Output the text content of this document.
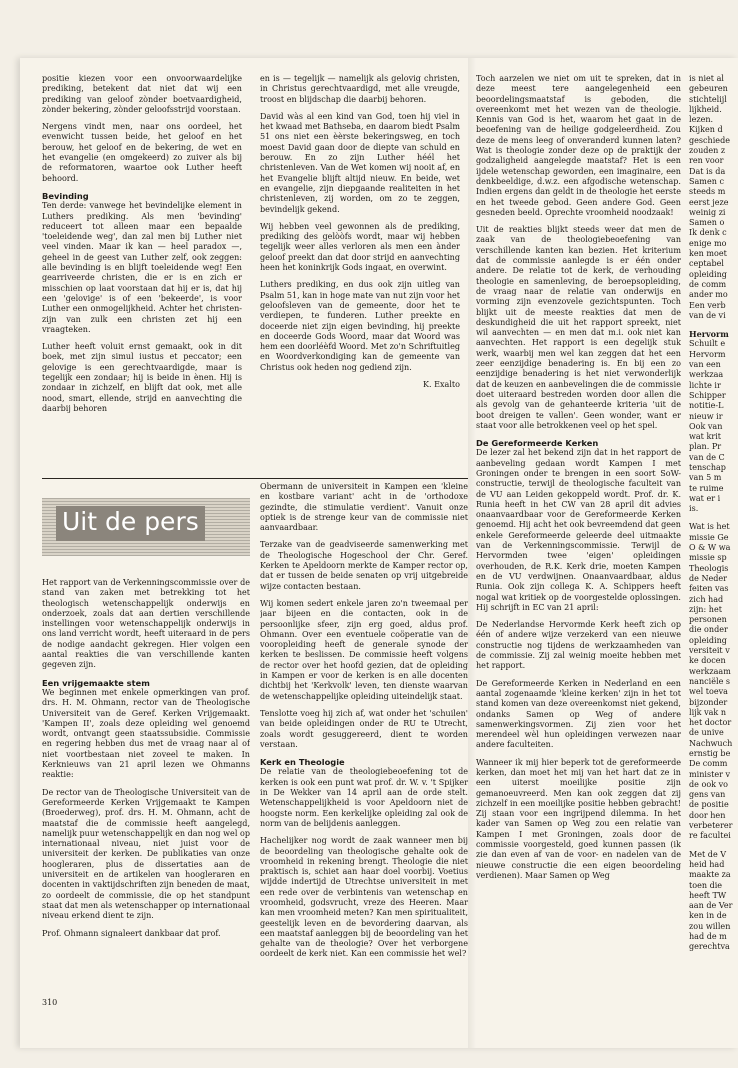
positie kiezen voor een onvoorwaardelijke prediking, betekent dat niet dat wij een prediking van geloof zònder boetvaardigheid, zònder bekering, zònder geloofsstrijd voorstaan.

Nergens vindt men, naar ons oordeel, het evenwicht tussen beide, het geloof en het berouw, het geloof en de bekering, de wet en het evangelie (en omgekeerd) zo zuiver als bij de reformatoren, waartoe ook Luther heeft behoord.

Bevinding

Ten derde: vanwege het bevindelijke element in Luthers prediking. Als men 'bevinding' reduceert tot alleen maar een bepaalde 'toeleidende weg', dan zal men bij Luther niet veel vinden. Maar ik kan — heel paradox —, geheel in de geest van Luther zelf, ook zeggen: alle bevinding is en blijft toeleidende weg! Een gearriveerde christen, die er is en zich er misschien op laat voorstaan dat hij er is, dat hij een 'gelovige' is of een 'bekeerde', is voor Luther een onmogelijkheid. Achter het christen-zijn van zulk een christen zet hij een vraagteken.

Luther heeft voluit ernst gemaakt, ook in dit boek, met zijn simul iustus et peccator; een gelovige is een gerechtvaardigde, maar is tegelijk een zondaar; hij is beide in ènen. Hij is zondaar in zichzelf, en blijft dat ook, met alle nood, smart, ellende, strijd en aanvechting die daarbij behoren

en is — tegelijk — namelijk als gelovig christen, in Christus gerechtvaardigd, met alle vreugde, troost en blijdschap die daarbij behoren.

David wàs al een kind van God, toen hij viel in het kwaad met Bathseba, en daarom biedt Psalm 51 ons niet een èèrste bekeringsweg, en toch moest David gaan door de diepte van schuld en berouw. En zo zijn Luther héél het christenleven. Van de Wet komen wij nooit af, en het Evangelie blijft altijd nieuw. En beide, wet en evangelie, zijn diepgaande realiteiten in het christenleven, zij worden, om zo te zeggen, bevindelijk gekend.

Wij hebben veel gewonnen als de prediking, prediking des gelòòfs wordt, maar wij hebben tegelijk weer alles verloren als men een ànder geloof preekt dan dat door strijd en aanvechting heen het koninkrijk Gods ingaat, en overwint.

Luthers prediking, en dus ook zijn uitleg van Psalm 51, kan in hoge mate van nut zijn voor het geloofsleven van de gemeente, door het te verdiepen, te funderen. Luther preekte en doceerde niet zijn eigen bevinding, hij preekte en doceerde Gods Woord, maar dat Woord was hem een doorléèfd Woord. Met zo'n Schriftuitleg en Woordverkondiging kan de gemeente van Christus ook heden nog gediend zijn.

K. Exalto

Toch aarzelen we niet om uit te spreken, dat in deze meest tere aangelegenheid een beoordelingsmaatstaf is geboden, die overeenkomt met het wezen van de theologie. Kennis van God is het, waarom het gaat in de beoefening van de heilige godgeleerdheid. Zou deze de mens leeg of onveranderd kunnen laten? Wat is theologie zonder deze op de praktijk der godzaligheid aangelegde maatstaf? Het is een ijdele wetenschap geworden, een imaginaire, een denkbeeldige, d.w.z. een afgodische wetenschap. Indien ergens dan geldt in de theologie het eerste en het tweede gebod. Geen andere God. Geen gesneden beeld. Oprechte vroomheid noodzaak!

Uit de reakties blijkt steeds weer dat men de zaak van de theologiebeoefening van verschillende kanten kan bezien. Het kriterium dat de commissie aanlegde is er één onder andere. De relatie tot de kerk, de verhouding theologie en samenleving, de beroepsopleiding, de vraag naar de relatie van onderwijs en vorming zijn evenzovele gezichtspunten. Toch blijkt uit de meeste reakties dat men de deskundigheid die uit het rapport spreekt, niet wil aanvechten — en men dat m.i. ook niet kan aanvechten. Het rapport is een degelijk stuk werk, waarbij men wel kan zeggen dat het een zeer eenzijdige benadering is. En bij een zo eenzijdige benadering is het niet verwonderlijk dat de keuzen en aanbevelingen die de commissie doet uiteraard bestreden worden door allen die als gevolg van de gehanteerde kriteria 'uit de boot dreigen te vallen'. Geen wonder, want er staat voor alle betrokkenen veel op het spel.

De Gereformeerde Kerken

De lezer zal het bekend zijn dat in het rapport de aanbeveling gedaan wordt Kampen I met Groningen onder te brengen in een soort SoW-constructie, terwijl de theologische faculteit van de VU aan Leiden gekoppeld wordt. Prof. dr. K. Runia heeft in het CW van 28 april dit advies onaanvaardbaar voor de Gereformeerde Kerken genoemd. Hij acht het ook bevreemdend dat geen enkele Gereformeerde geleerde deel uitmaakte van de Verkenningscommissie. Terwijl de Hervormden twee 'eigen' opleidingen overhouden, de R.K. Kerk drie, moeten Kampen en de VU verdwijnen. Onaanvaardbaar, aldus Runia. Ook zijn collega K. A. Schippers heeft nogal wat kritiek op de voorgestelde oplossingen. Hij schrijft in EC van 21 april:

De Nederlandse Hervormde Kerk heeft zich op één of andere wijze verzekerd van een nieuwe constructie nog tijdens de werkzaamheden van de commissie. Zij zal weinig moeite hebben met het rapport.

De Gereformeerde Kerken in Nederland en een aantal zogenaamde 'kleine kerken' zijn in het tot stand komen van deze overeenkomst niet gekend, ondanks Samen op Weg of andere samenwerkingsvormen. Zij zien voor het merendeel wèl hun opleidingen verwezen naar andere faculteiten.

Wanneer ik mij hier beperk tot de gereformeerde kerken, dan moet het mij van het hart dat ze in een uiterst moeilijke positie zijn gemanoeuvreerd. Men kan ook zeggen dat zij zichzelf in een moeilijke positie hebben gebracht! Zij staan voor een ingrijpend dilemma. In het kader van Samen op Weg zou een relatie van Kampen I met Groningen, zoals door de commissie voorgesteld, goed kunnen passen (ik zie dan even af van de voor- en nadelen van de nieuwe constructie die een eigen beoordeling verdienen). Maar Samen op Weg

is niet al
gebeuren
stichtelijl
lijkheid.
lezen.
Kijken d
geschiede
zouden z
ren voor
Dat is da
Samen c
steeds m
eerst jeze
weinig zi
Samen o
Ik denk c
enige mo
ken moet
ceptabel
opleiding
de comm
ander mo
Een verb
van de vi
Hervorm
Schuilt e
Hervorm
van een
werkzaa
lichte ir
Schipper
notitie-L
nieuw ir
Ook van
wat krit
plan. Pr
van de C
tenschap
van 5 m
te ruime
wat er i
is.
Wat is het
missie Ge
O & W wa
missie sp
Theologis
de Neder
feiten vas
zich had
zijn: het
personen
die onder
opleiding
versiteit v
ke docen
werkzaam
nanciële s
wel toeva
bijzonder
lijk vak n
het doctor
de unive
Nachwuch
ernstig be
De comm
minister v
de ook vo
gens van
de positie
door hen
verbeterer
re facultei
Met de V
heid had
maakte za
toen die
heeft TW
aan de Ver
ken in de
zou willen
had de m
gerechtva
Uit de pers

Het rapport van de Verkenningscommissie over de stand van zaken met betrekking tot het theologisch wetenschappelijk onderwijs en onderzoek, zoals dat aan dertien verschillende instellingen voor wetenschappelijk onderwijs in ons land verricht wordt, heeft uiteraard in de pers de nodige aandacht gekregen. Hier volgen een aantal reakties die van verschillende kanten gegeven zijn.

Een vrijgemaakte stem

We beginnen met enkele opmerkingen van prof. drs. H. M. Ohmann, rector van de Theologische Universiteit van de Geref. Kerken Vrijgemaakt. 'Kampen II', zoals deze opleiding wel genoemd wordt, ontvangt geen staatssubsidie. Commissie en regering hebben dus met de vraag naar al of niet voortbestaan niet zoveel te maken. In Kerknieuws van 21 april lezen we Ohmanns reaktie:

De rector van de Theologische Universiteit van de Gereformeerde Kerken Vrijgemaakt te Kampen (Broederweg), prof. drs. H. M. Ohmann, acht de maatstaf die de commissie heeft aangelegd, namelijk puur wetenschappelijk en dan nog wel op internationaal niveau, niet juist voor de universiteit der kerken. De publikaties van onze hoogleraren, plus de dissertaties aan de universiteit en de artikelen van hoogleraren en docenten in vaktijdschriften zijn beneden de maat, zo oordeelt de commissie, die op het standpunt staat dat men als wetenschapper op internationaal niveau erkend dient te zijn.

Prof. Ohmann signaleert dankbaar dat prof.

310

Obermann de universiteit in Kampen een 'kleine en kostbare variant' acht in de 'orthodoxe gezindte, die stimulatie verdient'. Vanuit onze optiek is de strenge keur van de commissie niet aanvaardbaar.

Terzake van de geadviseerde samenwerking met de Theologische Hogeschool der Chr. Geref. Kerken te Apeldoorn merkte de Kamper rector op, dat er tussen de beide senaten op vrij uitgebreide wijze contacten bestaan.

Wij komen sedert enkele jaren zo'n tweemaal per jaar bijeen en die contacten, ook in de persoonlijke sfeer, zijn erg goed, aldus prof. Ohmann. Over een eventuele coöperatie van de vooropleiding heeft de generale synode der kerken te beslissen. De commissie heeft volgens de rector over het hoofd gezien, dat de opleiding in Kampen er voor de kerken is en alle docenten dichtbij het 'Kerkvolk' leven, ten dienste waarvan de wetenschappelijke opleiding uiteindelijk staat.

Tenslotte voeg hij zich af, wat onder het 'schuilen' van beide opleidingen onder de RU te Utrecht, zoals wordt gesuggereerd, dient te worden verstaan.

Kerk en Theologie

De relatie van de theologiebeoefening tot de kerken is ook een punt wat prof. dr. W. v. 't Spijker in De Wekker van 14 april aan de orde stelt. Wetenschappelijkheid is voor Apeldoorn niet de hoogste norm. Een kerkelijke opleiding zal ook de norm van de belijdenis aanleggen.

Hachelijker nog wordt de zaak wanneer men bij de beoordeling van theologische gehalte ook de vroomheid in rekening brengt. Theologie die niet praktisch is, schiet aan haar doel voorbij. Voetius wijdde indertijd de Utrechtse universiteit in met een rede over de verbintenis van wetenschap en vroomheid, godsvrucht, vreze des Heeren. Maar kan men vroomheid meten? Kan men spiritualiteit, geestelijk leven en de bevordering daarvan, als een maatstaf aanleggen bij de beoordeling van het gehalte van de theologie? Over het verborgene oordeelt de kerk niet. Kan een commissie het wel?
